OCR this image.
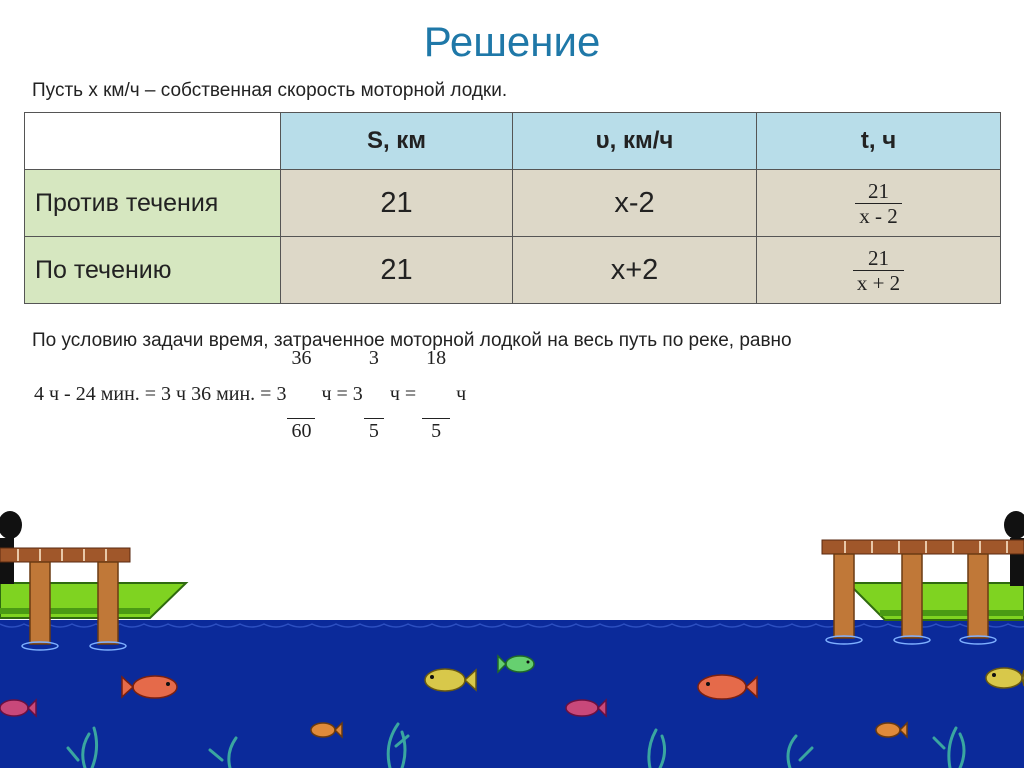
Решение
Пусть х км/ч – собственная скорость моторной лодки.
	S, км	υ, км/ч	t, ч
Против течения	21	х-2	$\frac{21}{x - 2}$

По течению	21	х+2	$\frac{21}{x + 2}$
По условию задачи время, затраченное моторной лодкой на весь путь по реке, равно
4 ч - 24 мин. = 3 ч 36 мин. = 3

$\frac{36}{60}$

ч = 3

$\frac{3}{5}$

ч =

$\frac{18}{5}$

ч
